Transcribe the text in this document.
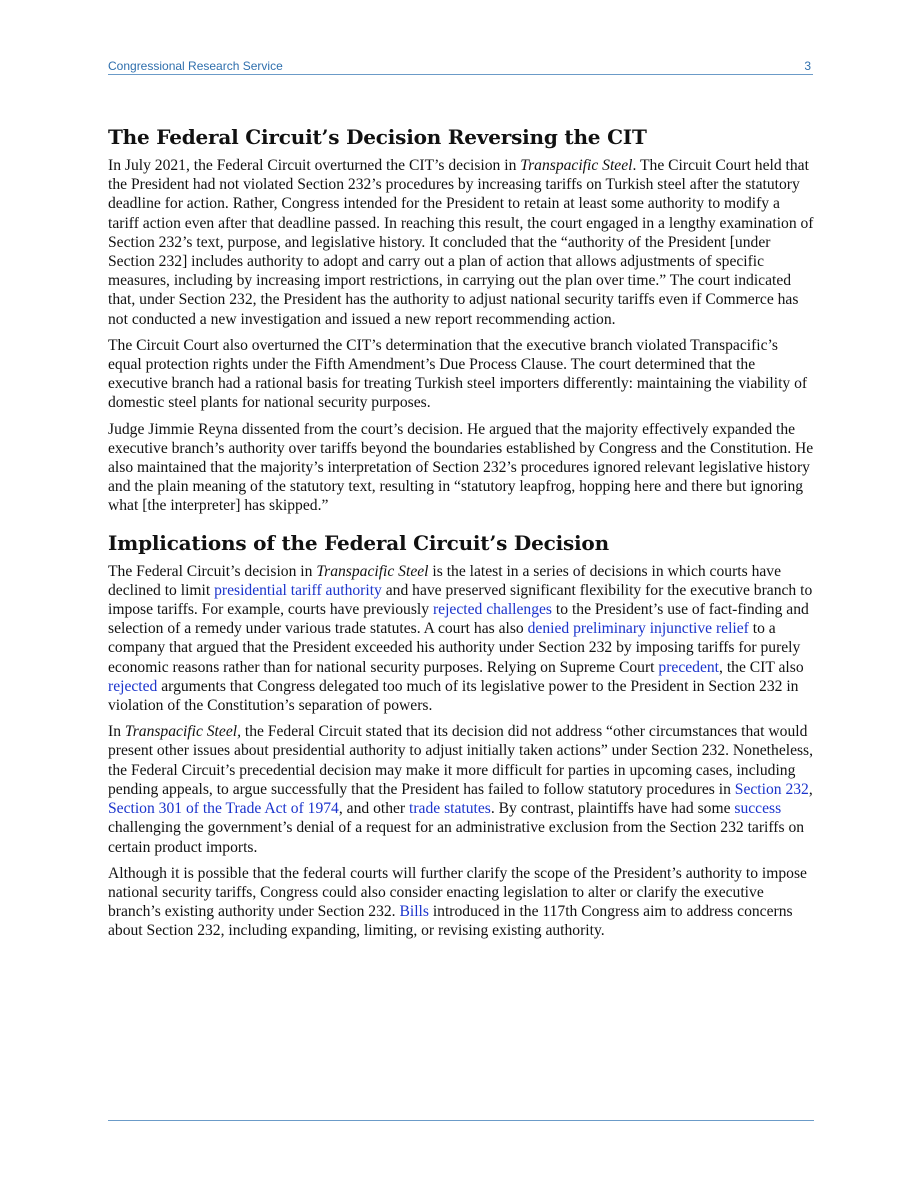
Congressional Research Service	3
The Federal Circuit’s Decision Reversing the CIT

In July 2021, the Federal Circuit overturned the CIT’s decision in Transpacific Steel. The Circuit Court held that the President had not violated Section 232’s procedures by increasing tariffs on Turkish steel after the statutory deadline for action. Rather, Congress intended for the President to retain at least some authority to modify a tariff action even after that deadline passed. In reaching this result, the court engaged in a lengthy examination of Section 232’s text, purpose, and legislative history. It concluded that the “authority of the President [under Section 232] includes authority to adopt and carry out a plan of action that allows adjustments of specific measures, including by increasing import restrictions, in carrying out the plan over time.” The court indicated that, under Section 232, the President has the authority to adjust national security tariffs even if Commerce has not conducted a new investigation and issued a new report recommending action.

The Circuit Court also overturned the CIT’s determination that the executive branch violated Transpacific’s equal protection rights under the Fifth Amendment’s Due Process Clause. The court determined that the executive branch had a rational basis for treating Turkish steel importers differently: maintaining the viability of domestic steel plants for national security purposes.

Judge Jimmie Reyna dissented from the court’s decision. He argued that the majority effectively expanded the executive branch’s authority over tariffs beyond the boundaries established by Congress and the Constitution. He also maintained that the majority’s interpretation of Section 232’s procedures ignored relevant legislative history and the plain meaning of the statutory text, resulting in “statutory leapfrog, hopping here and there but ignoring what [the interpreter] has skipped.”

Implications of the Federal Circuit’s Decision

The Federal Circuit’s decision in Transpacific Steel is the latest in a series of decisions in which courts have declined to limit presidential tariff authority and have preserved significant flexibility for the executive branch to impose tariffs. For example, courts have previously rejected challenges to the President’s use of fact-finding and selection of a remedy under various trade statutes. A court has also denied preliminary injunctive relief to a company that argued that the President exceeded his authority under Section 232 by imposing tariffs for purely economic reasons rather than for national security purposes. Relying on Supreme Court precedent, the CIT also rejected arguments that Congress delegated too much of its legislative power to the President in Section 232 in violation of the Constitution’s separation of powers.

In Transpacific Steel, the Federal Circuit stated that its decision did not address “other circumstances that would present other issues about presidential authority to adjust initially taken actions” under Section 232. Nonetheless, the Federal Circuit’s precedential decision may make it more difficult for parties in upcoming cases, including pending appeals, to argue successfully that the President has failed to follow statutory procedures in Section 232, Section 301 of the Trade Act of 1974, and other trade statutes. By contrast, plaintiffs have had some success challenging the government’s denial of a request for an administrative exclusion from the Section 232 tariffs on certain product imports.

Although it is possible that the federal courts will further clarify the scope of the President’s authority to impose national security tariffs, Congress could also consider enacting legislation to alter or clarify the executive branch’s existing authority under Section 232. Bills introduced in the 117th Congress aim to address concerns about Section 232, including expanding, limiting, or revising existing authority.
